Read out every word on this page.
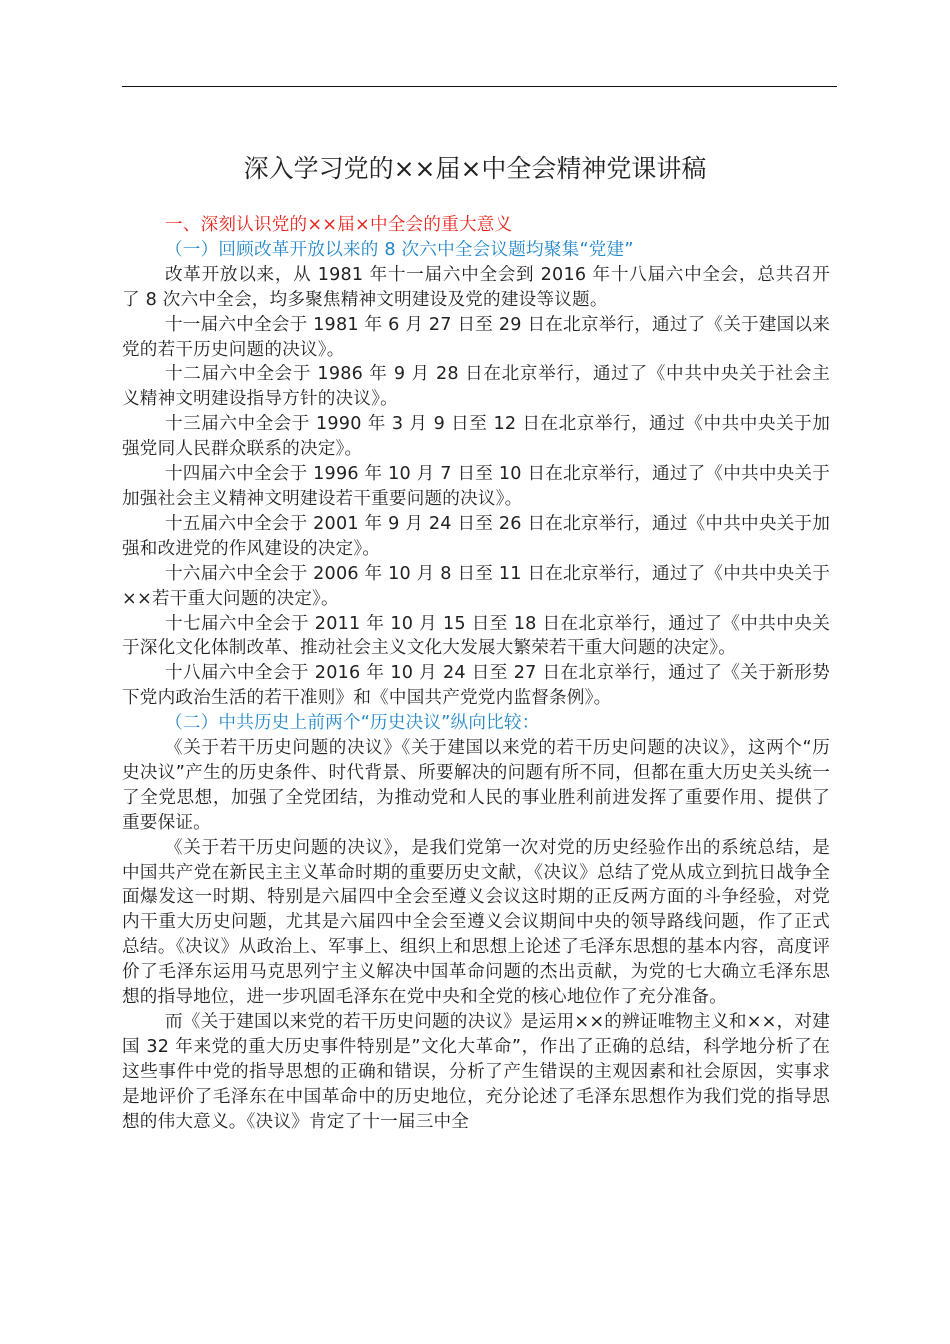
深入学习党的××届×中全会精神党课讲稿

一、深刻认识党的××届×中全会的重大意义

（一）回顾改革开放以来的 8 次六中全会议题均聚集“党建”

改革开放以来，从 1981 年十一届六中全会到 2016 年十八届六中全会，总共召开了 8 次六中全会，均多聚焦精神文明建设及党的建设等议题。

十一届六中全会于 1981 年 6 月 27 日至 29 日在北京举行，通过了《关于建国以来党的若干历史问题的决议》。

十二届六中全会于 1986 年 9 月 28 日在北京举行，通过了《中共中央关于社会主义精神文明建设指导方针的决议》。

十三届六中全会于 1990 年 3 月 9 日至 12 日在北京举行，通过《中共中央关于加强党同人民群众联系的决定》。

十四届六中全会于 1996 年 10 月 7 日至 10 日在北京举行，通过了《中共中央关于加强社会主义精神文明建设若干重要问题的决议》。

十五届六中全会于 2001 年 9 月 24 日至 26 日在北京举行，通过《中共中央关于加强和改进党的作风建设的决定》。

十六届六中全会于 2006 年 10 月 8 日至 11 日在北京举行，通过了《中共中央关于××若干重大问题的决定》。

十七届六中全会于 2011 年 10 月 15 日至 18 日在北京举行，通过了《中共中央关于深化文化体制改革、推动社会主义文化大发展大繁荣若干重大问题的决定》。

十八届六中全会于 2016 年 10 月 24 日至 27 日在北京举行，通过了《关于新形势下党内政治生活的若干准则》和《中国共产党党内监督条例》。

（二）中共历史上前两个“历史决议”纵向比较：

《关于若干历史问题的决议》《关于建国以来党的若干历史问题的决议》，这两个“历史决议”产生的历史条件、时代背景、所要解决的问题有所不同，但都在重大历史关头统一了全党思想，加强了全党团结，为推动党和人民的事业胜利前进发挥了重要作用、提供了重要保证。

《关于若干历史问题的决议》，是我们党第一次对党的历史经验作出的系统总结，是中国共产党在新民主主义革命时期的重要历史文献，《决议》总结了党从成立到抗日战争全面爆发这一时期、特别是六届四中全会至遵义会议这时期的正反两方面的斗争经验，对党内干重大历史问题，尤其是六届四中全会至遵义会议期间中央的领导路线问题，作了正式总结。《决议》从政治上、军事上、组织上和思想上论述了毛泽东思想的基本内容，高度评价了毛泽东运用马克思列宁主义解决中国革命问题的杰出贡献，为党的七大确立毛泽东思想的指导地位，进一步巩固毛泽东在党中央和全党的核心地位作了充分准备。

而《关于建国以来党的若干历史问题的决议》是运用××的辨证唯物主义和××，对建国 32 年来党的重大历史事件特别是”文化大革命”，作出了正确的总结，科学地分析了在这些事件中党的指导思想的正确和错误，分析了产生错误的主观因素和社会原因，实事求是地评价了毛泽东在中国革命中的历史地位，充分论述了毛泽东思想作为我们党的指导思想的伟大意义。《决议》肯定了十一届三中全
